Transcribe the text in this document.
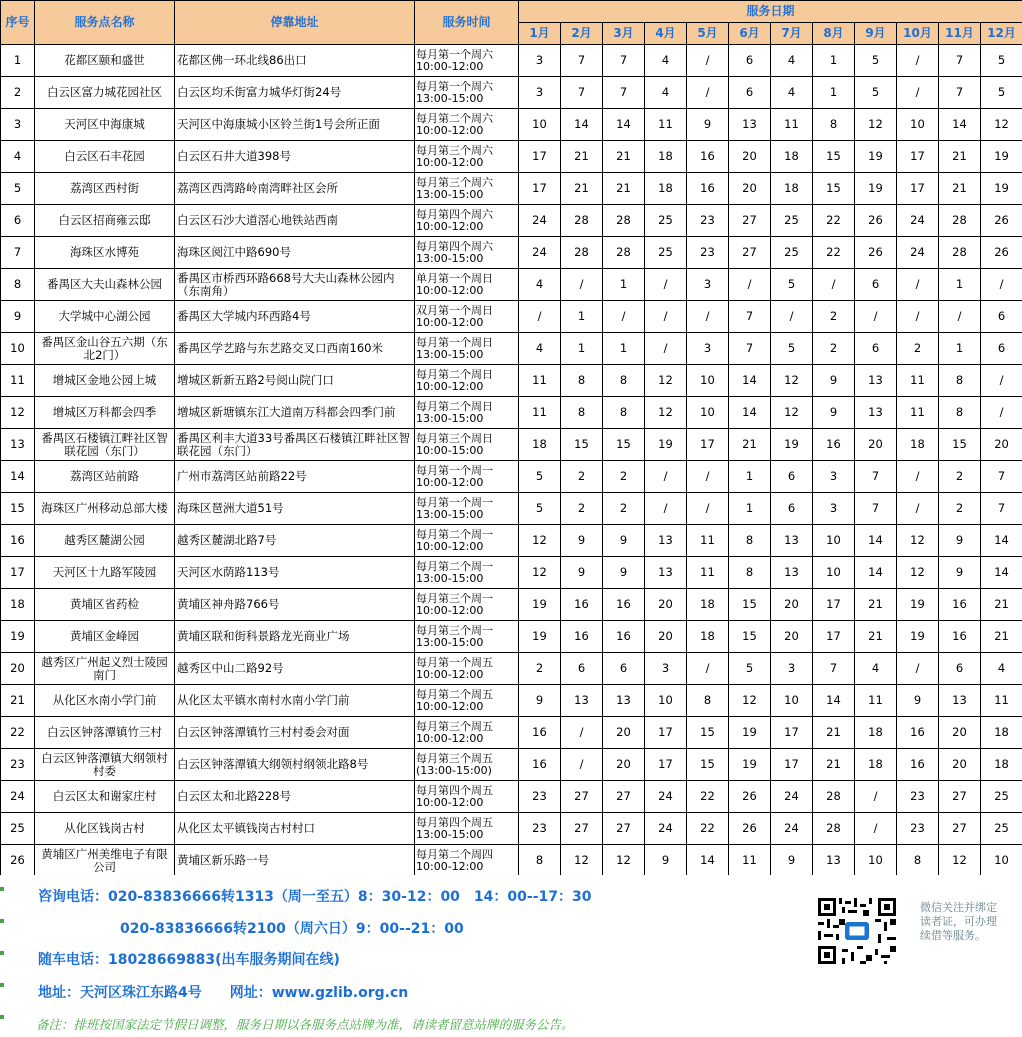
序号	服务点名称	停靠地址	服务时间	服务日期											
				1月	2月	3月	4月	5月	6月	7月	8月	9月	10月	11月	12月
1	花都区颐和盛世	花都区佛一环北线86出口	每月第一个周六 10:00-12:00	3	7	7	4	/	6	4	1	5	/	7	5
2	白云区富力城花园社区	白云区均禾街富力城华灯街24号	每月第一个周六 13:00-15:00	3	7	7	4	/	6	4	1	5	/	7	5
3	天河区中海康城	天河区中海康城小区铃兰街1号会所正面	每月第二个周六 10:00-12:00	10	14	14	11	9	13	11	8	12	10	14	12
4	白云区石丰花园	白云区石井大道398号	每月第三个周六 10:00-12:00	17	21	21	18	16	20	18	15	19	17	21	19
5	荔湾区西村街	荔湾区西湾路岭南湾畔社区会所	每月第三个周六 13:00-15:00	17	21	21	18	16	20	18	15	19	17	21	19
6	白云区招商雍云邸	白云区石沙大道滘心地铁站西南	每月第四个周六 10:00-12:00	24	28	28	25	23	27	25	22	26	24	28	26
7	海珠区水博苑	海珠区阅江中路690号	每月第四个周六 13:00-15:00	24	28	28	25	23	27	25	22	26	24	28	26
8	番禺区大夫山森林公园	番禺区市桥西环路668号大夫山森林公园内（东南角）	单月第一个周日 10:00-12:00	4	/	1	/	3	/	5	/	6	/	1	/
9	大学城中心湖公园	番禺区大学城内环西路4号	双月第一个周日 10:00-12:00	/	1	/	/	/	7	/	2	/	/	/	6
10	番禺区金山谷五六期（东北2门）	番禺区学艺路与东艺路交叉口西南160米	每月第一个周日 13:00-15:00	4	1	1	/	3	7	5	2	6	2	1	6
11	增城区金地公园上城	增城区新新五路2号阅山院门口	每月第二个周日 10:00-12:00	11	8	8	12	10	14	12	9	13	11	8	/
12	增城区万科都会四季	增城区新塘镇东江大道南万科都会四季门前	每月第二个周日 13:00-15:00	11	8	8	12	10	14	12	9	13	11	8	/
13	番禺区石楼镇江畔社区智联花园（东门）	番禺区利丰大道33号番禺区石楼镇江畔社区智联花园（东门）	每月第三个周日 10:00-15:00	18	15	15	19	17	21	19	16	20	18	15	20
14	荔湾区站前路	广州市荔湾区站前路22号	每月第一个周一 10:00-12:00	5	2	2	/	/	1	6	3	7	/	2	7
15	海珠区广州移动总部大楼	海珠区琶洲大道51号	每月第一个周一 13:00-15:00	5	2	2	/	/	1	6	3	7	/	2	7
16	越秀区麓湖公园	越秀区麓湖北路7号	每月第二个周一 10:00-12:00	12	9	9	13	11	8	13	10	14	12	9	14
17	天河区十九路军陵园	天河区水荫路113号	每月第二个周一 13:00-15:00	12	9	9	13	11	8	13	10	14	12	9	14
18	黄埔区省药检	黄埔区神舟路766号	每月第三个周一 10:00-12:00	19	16	16	20	18	15	20	17	21	19	16	21
19	黄埔区金峰园	黄埔区联和街科景路龙光商业广场	每月第三个周一 13:00-15:00	19	16	16	20	18	15	20	17	21	19	16	21
20	越秀区广州起义烈士陵园南门	越秀区中山二路92号	每月第一个周五 10:00-12:00	2	6	6	3	/	5	3	7	4	/	6	4
21	从化区水南小学门前	从化区太平镇水南村水南小学门前	每月第二个周五 10:00-12:00	9	13	13	10	8	12	10	14	11	9	13	11
22	白云区钟落潭镇竹三村	白云区钟落潭镇竹三村村委会对面	每月第三个周五 10:00-12:00	16	/	20	17	15	19	17	21	18	16	20	18
23	白云区钟落潭镇大纲领村村委	白云区钟落潭镇大纲领村纲领北路8号	每月第三个周五 (13:00-15:00)	16	/	20	17	15	19	17	21	18	16	20	18
24	白云区太和谢家庄村	白云区太和北路228号	每月第四个周五 10:00-12:00	23	27	27	24	22	26	24	28	/	23	27	25
25	从化区钱岗古村	从化区太平镇钱岗古村村口	每月第四个周五 13:00-15:00	23	27	27	24	22	26	24	28	/	23	27	25
26	黄埔区广州美维电子有限公司	黄埔区新乐路一号	每月第二个周四 10:00-12:00	8	12	12	9	14	11	9	13	10	8	12	10
咨询电话：020-83836666转1313（周一至五）8：30-12：00　14：00--17：30
020-83836666转2100（周六日）9：00--21：00
随车电话：18028669883(出车服务期间在线)
地址：天河区珠江东路4号 网址：www.gzlib.org.cn
备注：排班按国家法定节假日调整，服务日期以各服务点站牌为准，请读者留意站牌的服务公告。
微信关注并绑定读者证，可办理续借等服务。
